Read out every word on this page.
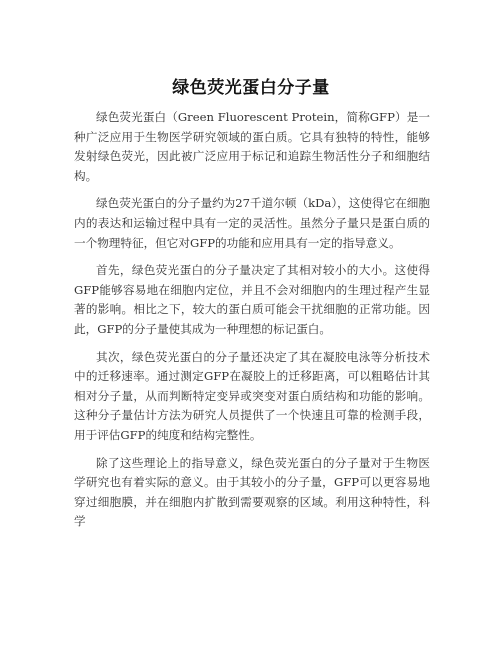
绿色荧光蛋白分子量

绿色荧光蛋白（Green Fluorescent Protein，简称GFP）是一种广泛应用于生物医学研究领域的蛋白质。它具有独特的特性，能够发射绿色荧光，因此被广泛应用于标记和追踪生物活性分子和细胞结构。

绿色荧光蛋白的分子量约为27千道尔顿（kDa），这使得它在细胞内的表达和运输过程中具有一定的灵活性。虽然分子量只是蛋白质的一个物理特征，但它对GFP的功能和应用具有一定的指导意义。

首先，绿色荧光蛋白的分子量决定了其相对较小的大小。这使得GFP能够容易地在细胞内定位，并且不会对细胞内的生理过程产生显著的影响。相比之下，较大的蛋白质可能会干扰细胞的正常功能。因此，GFP的分子量使其成为一种理想的标记蛋白。

其次，绿色荧光蛋白的分子量还决定了其在凝胶电泳等分析技术中的迁移速率。通过测定GFP在凝胶上的迁移距离，可以粗略估计其相对分子量，从而判断特定变异或突变对蛋白质结构和功能的影响。这种分子量估计方法为研究人员提供了一个快速且可靠的检测手段，用于评估GFP的纯度和结构完整性。

除了这些理论上的指导意义，绿色荧光蛋白的分子量对于生物医学研究也有着实际的意义。由于其较小的分子量，GFP可以更容易地穿过细胞膜，并在细胞内扩散到需要观察的区域。利用这种特性，科学
